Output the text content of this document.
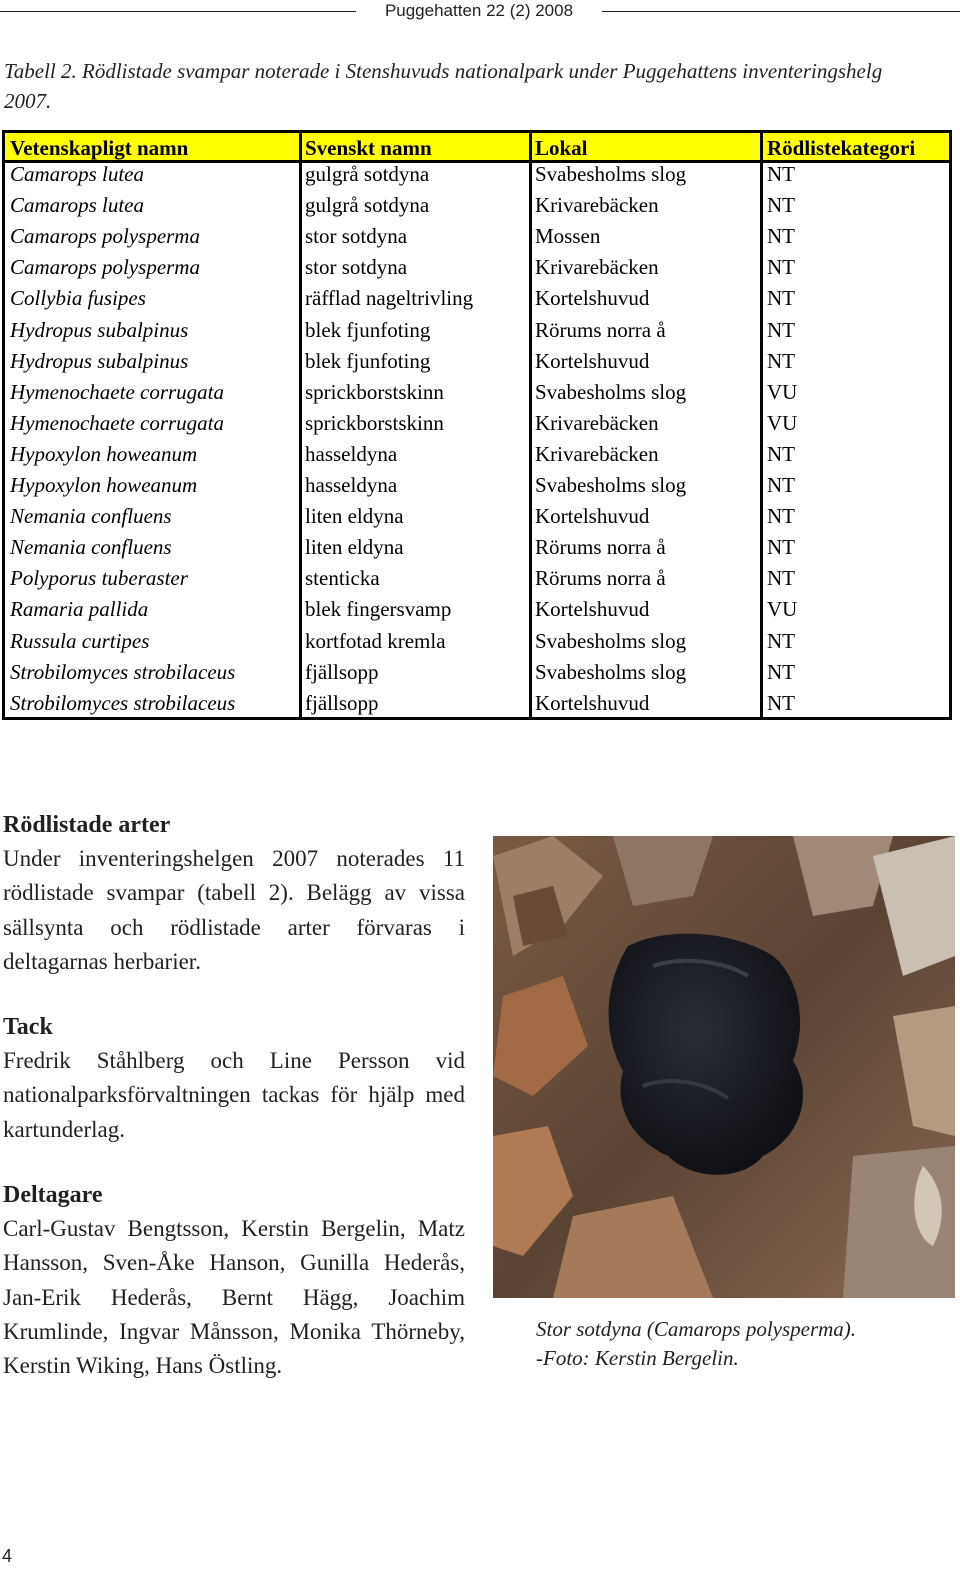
Puggehatten 22 (2) 2008
Tabell 2. Rödlistade svampar noterade i Stenshuvuds nationalpark under Puggehattens inventeringshelg 2007.
Vetenskapligt namn	Svenskt namn	Lokal	Rödlistekategori
Camarops lutea	gulgrå sotdyna	Svabesholms slog	NT
Camarops lutea	gulgrå sotdyna	Krivarebäcken	NT
Camarops polysperma	stor sotdyna	Mossen	NT
Camarops polysperma	stor sotdyna	Krivarebäcken	NT
Collybia fusipes	räfflad nageltrivling	Kortelshuvud	NT
Hydropus subalpinus	blek fjunfoting	Rörums norra å	NT
Hydropus subalpinus	blek fjunfoting	Kortelshuvud	NT
Hymenochaete corrugata	sprickborstskinn	Svabesholms slog	VU
Hymenochaete corrugata	sprickborstskinn	Krivarebäcken	VU
Hypoxylon howeanum	hasseldyna	Krivarebäcken	NT
Hypoxylon howeanum	hasseldyna	Svabesholms slog	NT
Nemania confluens	liten eldyna	Kortelshuvud	NT
Nemania confluens	liten eldyna	Rörums norra å	NT
Polyporus tuberaster	stenticka	Rörums norra å	NT
Ramaria pallida	blek fingersvamp	Kortelshuvud	VU
Russula curtipes	kortfotad kremla	Svabesholms slog	NT
Strobilomyces strobilaceus	fjällsopp	Svabesholms slog	NT
Strobilomyces strobilaceus	fjällsopp	Kortelshuvud	NT
Rödlistade arter

Under inventeringshelgen 2007 noterades 11 rödlistade svampar (tabell 2). Belägg av vissa sällsynta och rödlistade arter förvaras i deltagarnas herbarier.

Tack

Fredrik Ståhlberg och Line Persson vid nationalparksförvaltningen tackas för hjälp med kartunderlag.

Deltagare

Carl-Gustav Bengtsson, Kerstin Bergelin, Matz Hansson, Sven-Åke Hanson, Gunilla Hederås, Jan-Erik Hederås, Bernt Hägg, Joachim Krumlinde, Ingvar Månsson, Monika Thörneby, Kerstin Wiking, Hans Östling.

Stor sotdyna (Camarops polysperma).
-Foto: Kerstin Bergelin.
4
